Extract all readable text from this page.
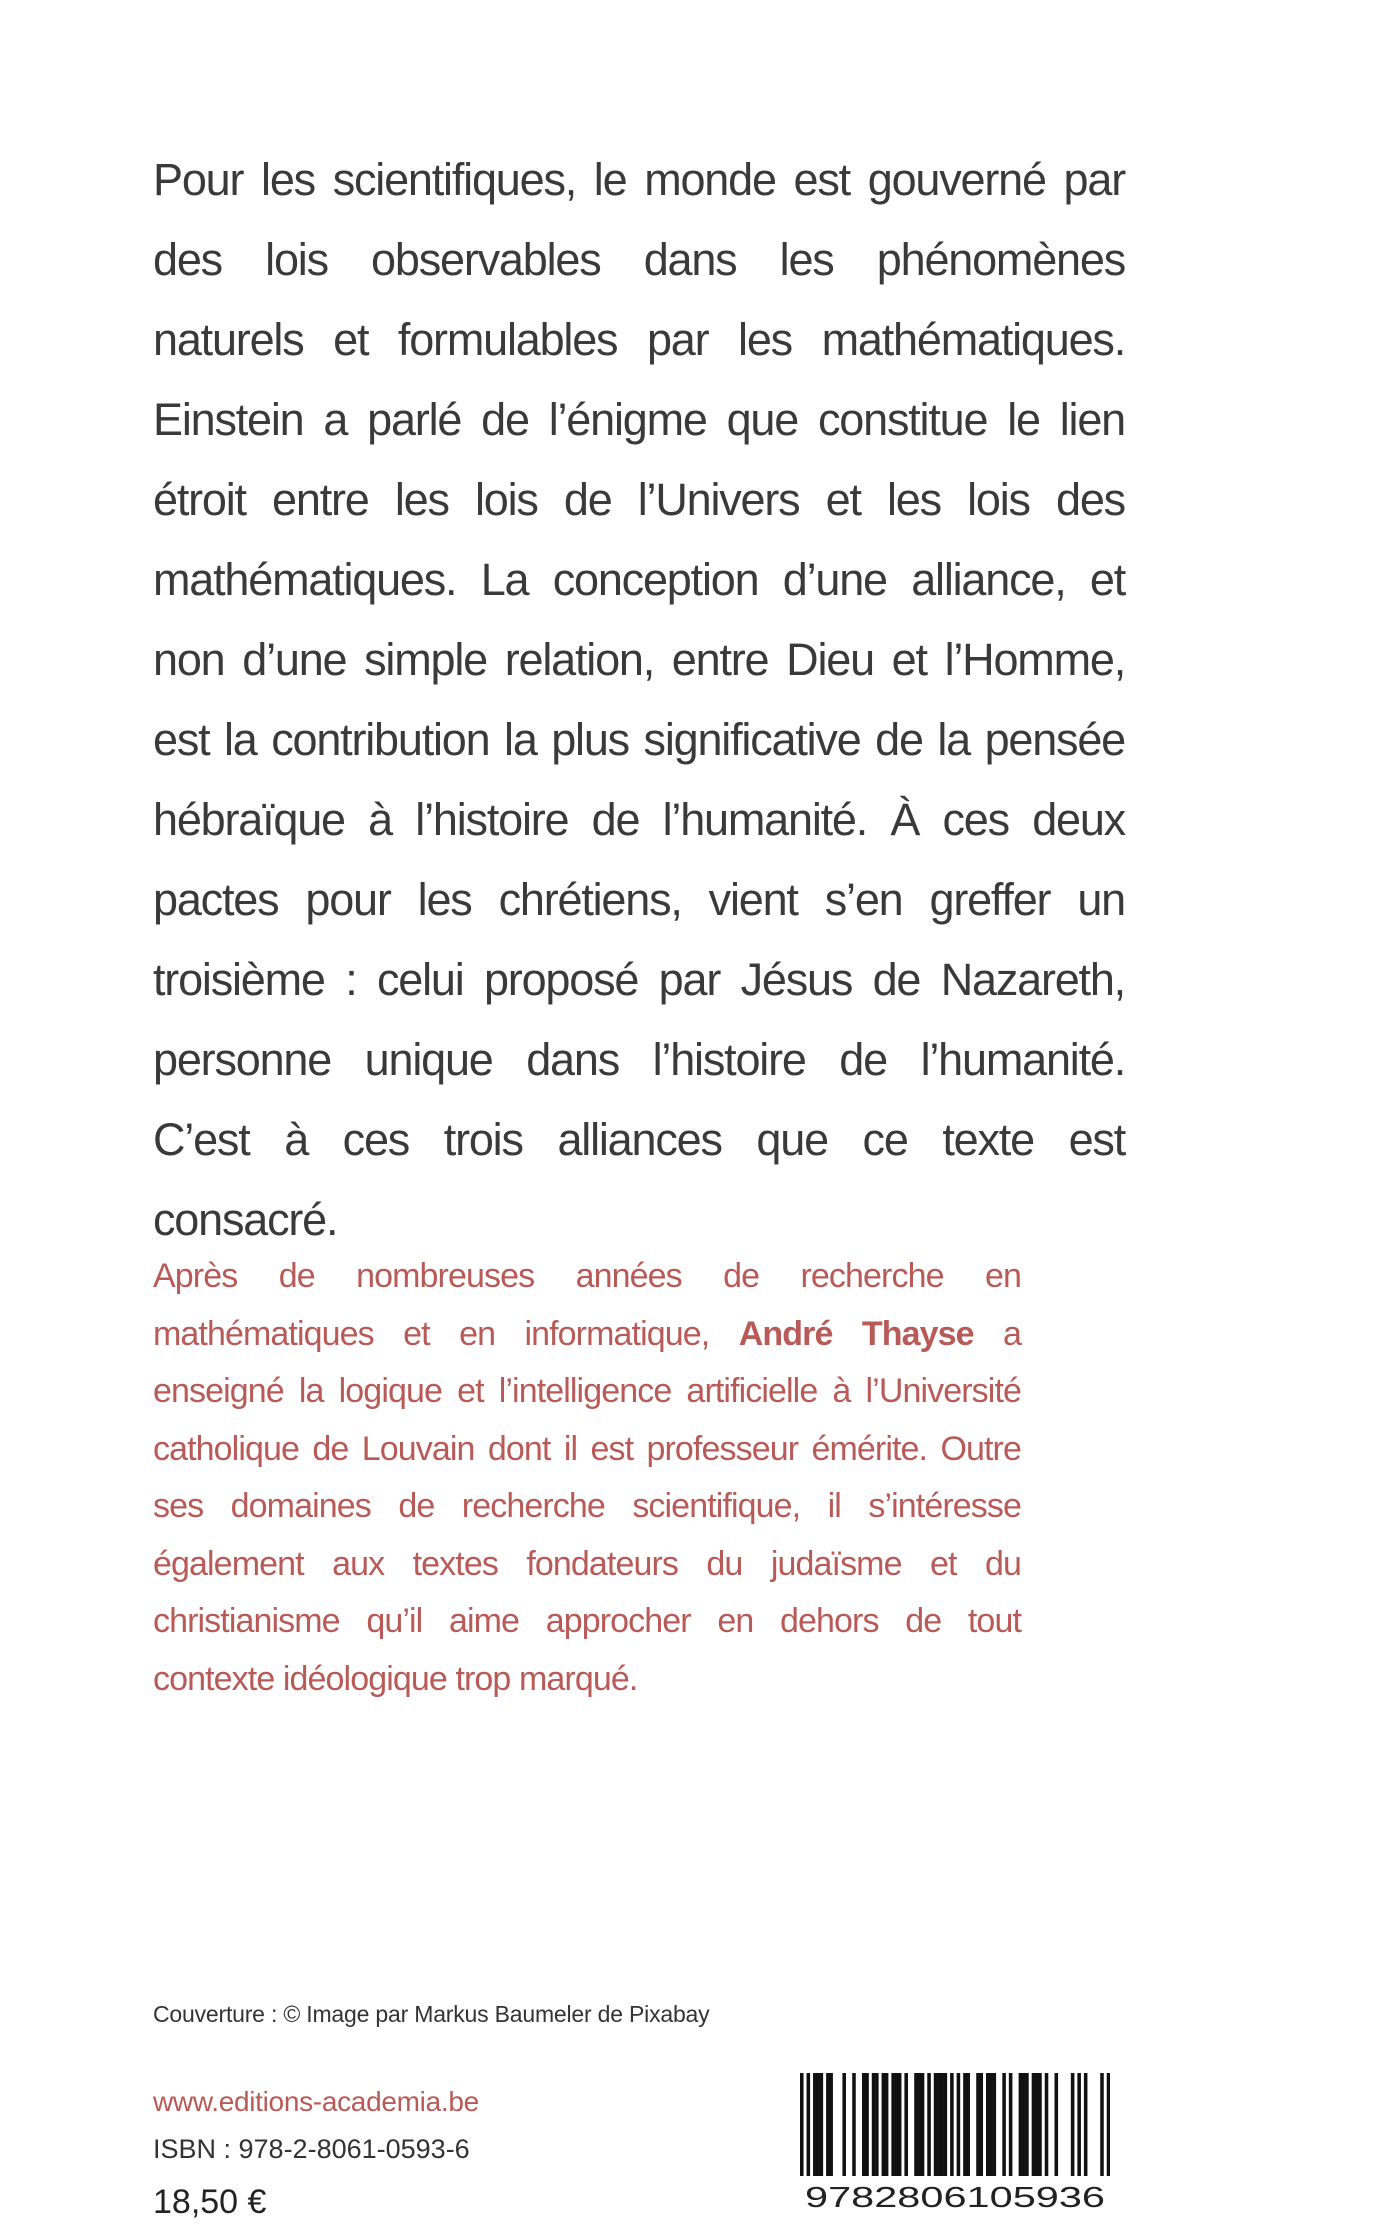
Pour les scientifiques, le monde est gouverné par des lois observables dans les phénomènes naturels et formulables par les mathématiques. Einstein a parlé de l’énigme que constitue le lien étroit entre les lois de l’Univers et les lois des mathématiques. La conception d’une alliance, et non d’une simple relation, entre Dieu et l’Homme, est la contribution la plus significative de la pensée hébraïque à l’histoire de l’humanité. À ces deux pactes pour les chrétiens, vient s’en greffer un troisième : celui proposé par Jésus de Nazareth, personne unique dans l’histoire de l’humanité. C’est à ces trois alliances que ce texte est consacré.

Après de nombreuses années de recherche en mathématiques et en informatique, André Thayse a enseigné la logique et l’intelligence artificielle à l’Université catholique de Louvain dont il est professeur émérite. Outre ses domaines de recherche scientifique, il s’intéresse également aux textes fondateurs du judaïsme et du christianisme qu’il aime approcher en dehors de tout contexte idéologique trop marqué.

Couverture : © Image par Markus Baumeler de Pixabay
www.editions-academia.be
ISBN : 978-2-8061-0593-6
18,50 €	9782806105936
